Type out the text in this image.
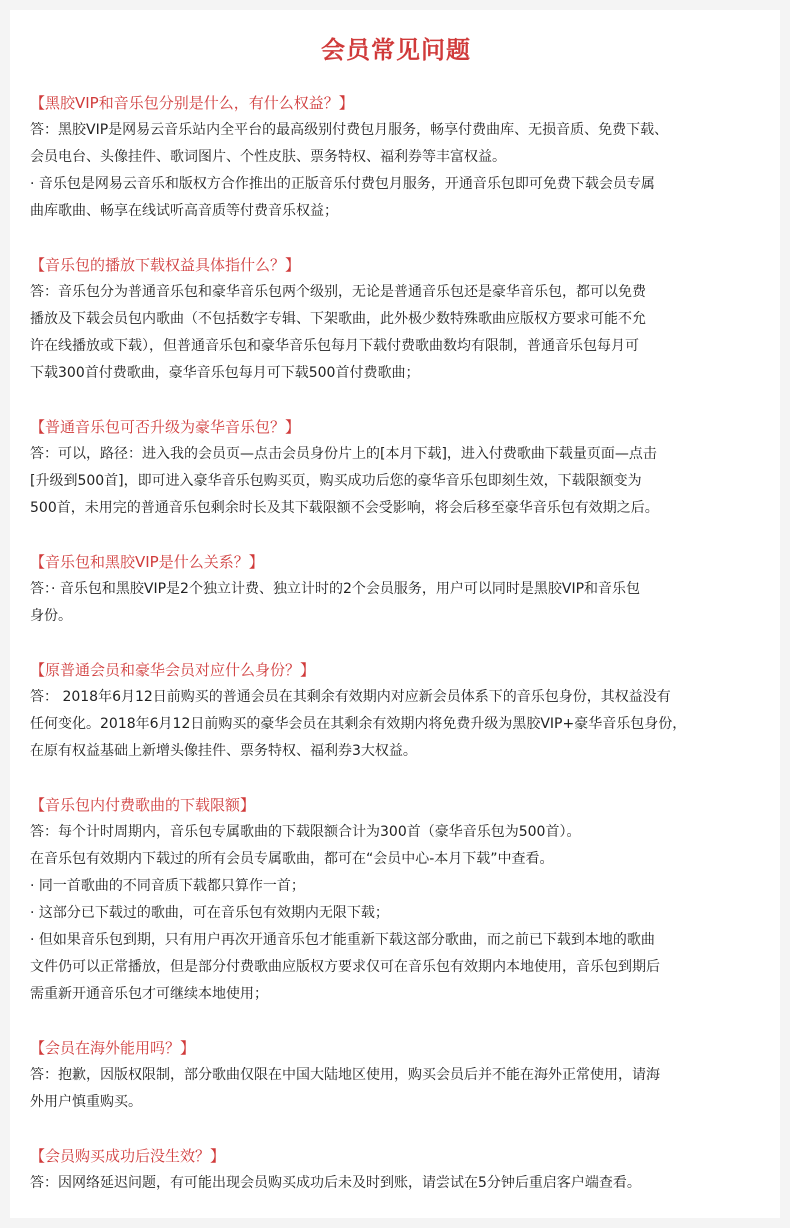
会员常见问题

【黑胶VIP和音乐包分别是什么，有什么权益？】

答：黑胶VIP是网易云音乐站内全平台的最高级别付费包月服务，畅享付费曲库、无损音质、免费下载、
会员电台、头像挂件、歌词图片、个性皮肤、票务特权、福利券等丰富权益。
· 音乐包是网易云音乐和版权方合作推出的正版音乐付费包月服务，开通音乐包即可免费下载会员专属
曲库歌曲、畅享在线试听高音质等付费音乐权益；

【音乐包的播放下载权益具体指什么？】

答：音乐包分为普通音乐包和豪华音乐包两个级别，无论是普通音乐包还是豪华音乐包，都可以免费
播放及下载会员包内歌曲（不包括数字专辑、下架歌曲，此外极少数特殊歌曲应版权方要求可能不允
许在线播放或下载），但普通音乐包和豪华音乐包每月下载付费歌曲数均有限制，普通音乐包每月可
下载300首付费歌曲，豪华音乐包每月可下载500首付费歌曲；

【普通音乐包可否升级为豪华音乐包？】

答：可以，路径：进入我的会员页—点击会员身份片上的[本月下载]，进入付费歌曲下载量页面—点击
[升级到500首]，即可进入豪华音乐包购买页，购买成功后您的豪华音乐包即刻生效，下载限额变为
500首，未用完的普通音乐包剩余时长及其下载限额不会受影响，将会后移至豪华音乐包有效期之后。

【音乐包和黑胶VIP是什么关系？】

答：· 音乐包和黑胶VIP是2个独立计费、独立计时的2个会员服务，用户可以同时是黑胶VIP和音乐包
身份。

【原普通会员和豪华会员对应什么身份？】

答： 2018年6月12日前购买的普通会员在其剩余有效期内对应新会员体系下的音乐包身份，其权益没有
任何变化。2018年6月12日前购买的豪华会员在其剩余有效期内将免费升级为黑胶VIP+豪华音乐包身份，
在原有权益基础上新增头像挂件、票务特权、福利券3大权益。

【音乐包内付费歌曲的下载限额】

答：每个计时周期内，音乐包专属歌曲的下载限额合计为300首（豪华音乐包为500首）。
在音乐包有效期内下载过的所有会员专属歌曲，都可在“会员中心-本月下载”中查看。
· 同一首歌曲的不同音质下载都只算作一首；
· 这部分已下载过的歌曲，可在音乐包有效期内无限下载；
· 但如果音乐包到期，只有用户再次开通音乐包才能重新下载这部分歌曲，而之前已下载到本地的歌曲
文件仍可以正常播放，但是部分付费歌曲应版权方要求仅可在音乐包有效期内本地使用，音乐包到期后
需重新开通音乐包才可继续本地使用；

【会员在海外能用吗？】

答：抱歉，因版权限制，部分歌曲仅限在中国大陆地区使用，购买会员后并不能在海外正常使用，请海
外用户慎重购买。

【会员购买成功后没生效？】

答：因网络延迟问题，有可能出现会员购买成功后未及时到账，请尝试在5分钟后重启客户端查看。
